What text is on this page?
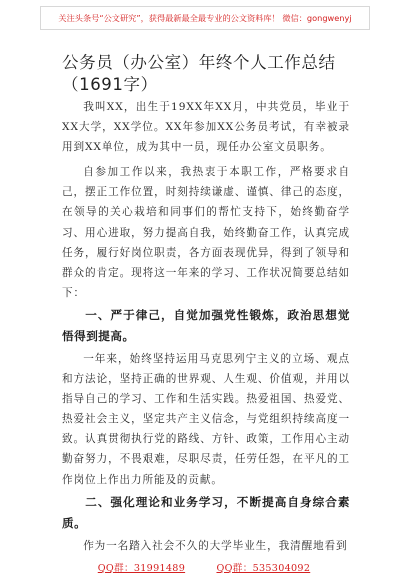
关注头条号“公文研究”，获得最新最全最专业的公文资料库！ 微信：gongwenyj
公务员（办公室）年终个人工作总结
（1691字）

我叫XX，出生于19XX年XX月，中共党员，毕业于XX大学，XX学位。XX年参加XX公务员考试，有幸被录用到XX单位，成为其中一员，现任办公室文员职务。

自参加工作以来，我热衷于本职工作，严格要求自己，摆正工作位置，时刻持续谦虚、谨慎、律己的态度，在领导的关心栽培和同事们的帮忙支持下，始终勤奋学习、用心进取，努力提高自我，始终勤奋工作，认真完成任务，履行好岗位职责，各方面表现优异，得到了领导和群众的肯定。现将这一年来的学习、工作状况简要总结如下：

一、严于律己，自觉加强党性锻炼，政治思想觉悟得到提高。

一年来，始终坚持运用马克思列宁主义的立场、观点和方法论，坚持正确的世界观、人生观、价值观，并用以指导自己的学习、工作和生活实践。热爱祖国、热爱党、热爱社会主义，坚定共产主义信念，与党组织持续高度一致。认真贯彻执行党的路线、方针、政策，工作用心主动勤奋努力，不畏艰难，尽职尽责，任劳任怨，在平凡的工作岗位上作出力所能及的贡献。

二、强化理论和业务学习，不断提高自身综合素质。

作为一名踏入社会不久的大学毕业生，我清醒地看到

QQ群：31991489	QQ群：535304092
